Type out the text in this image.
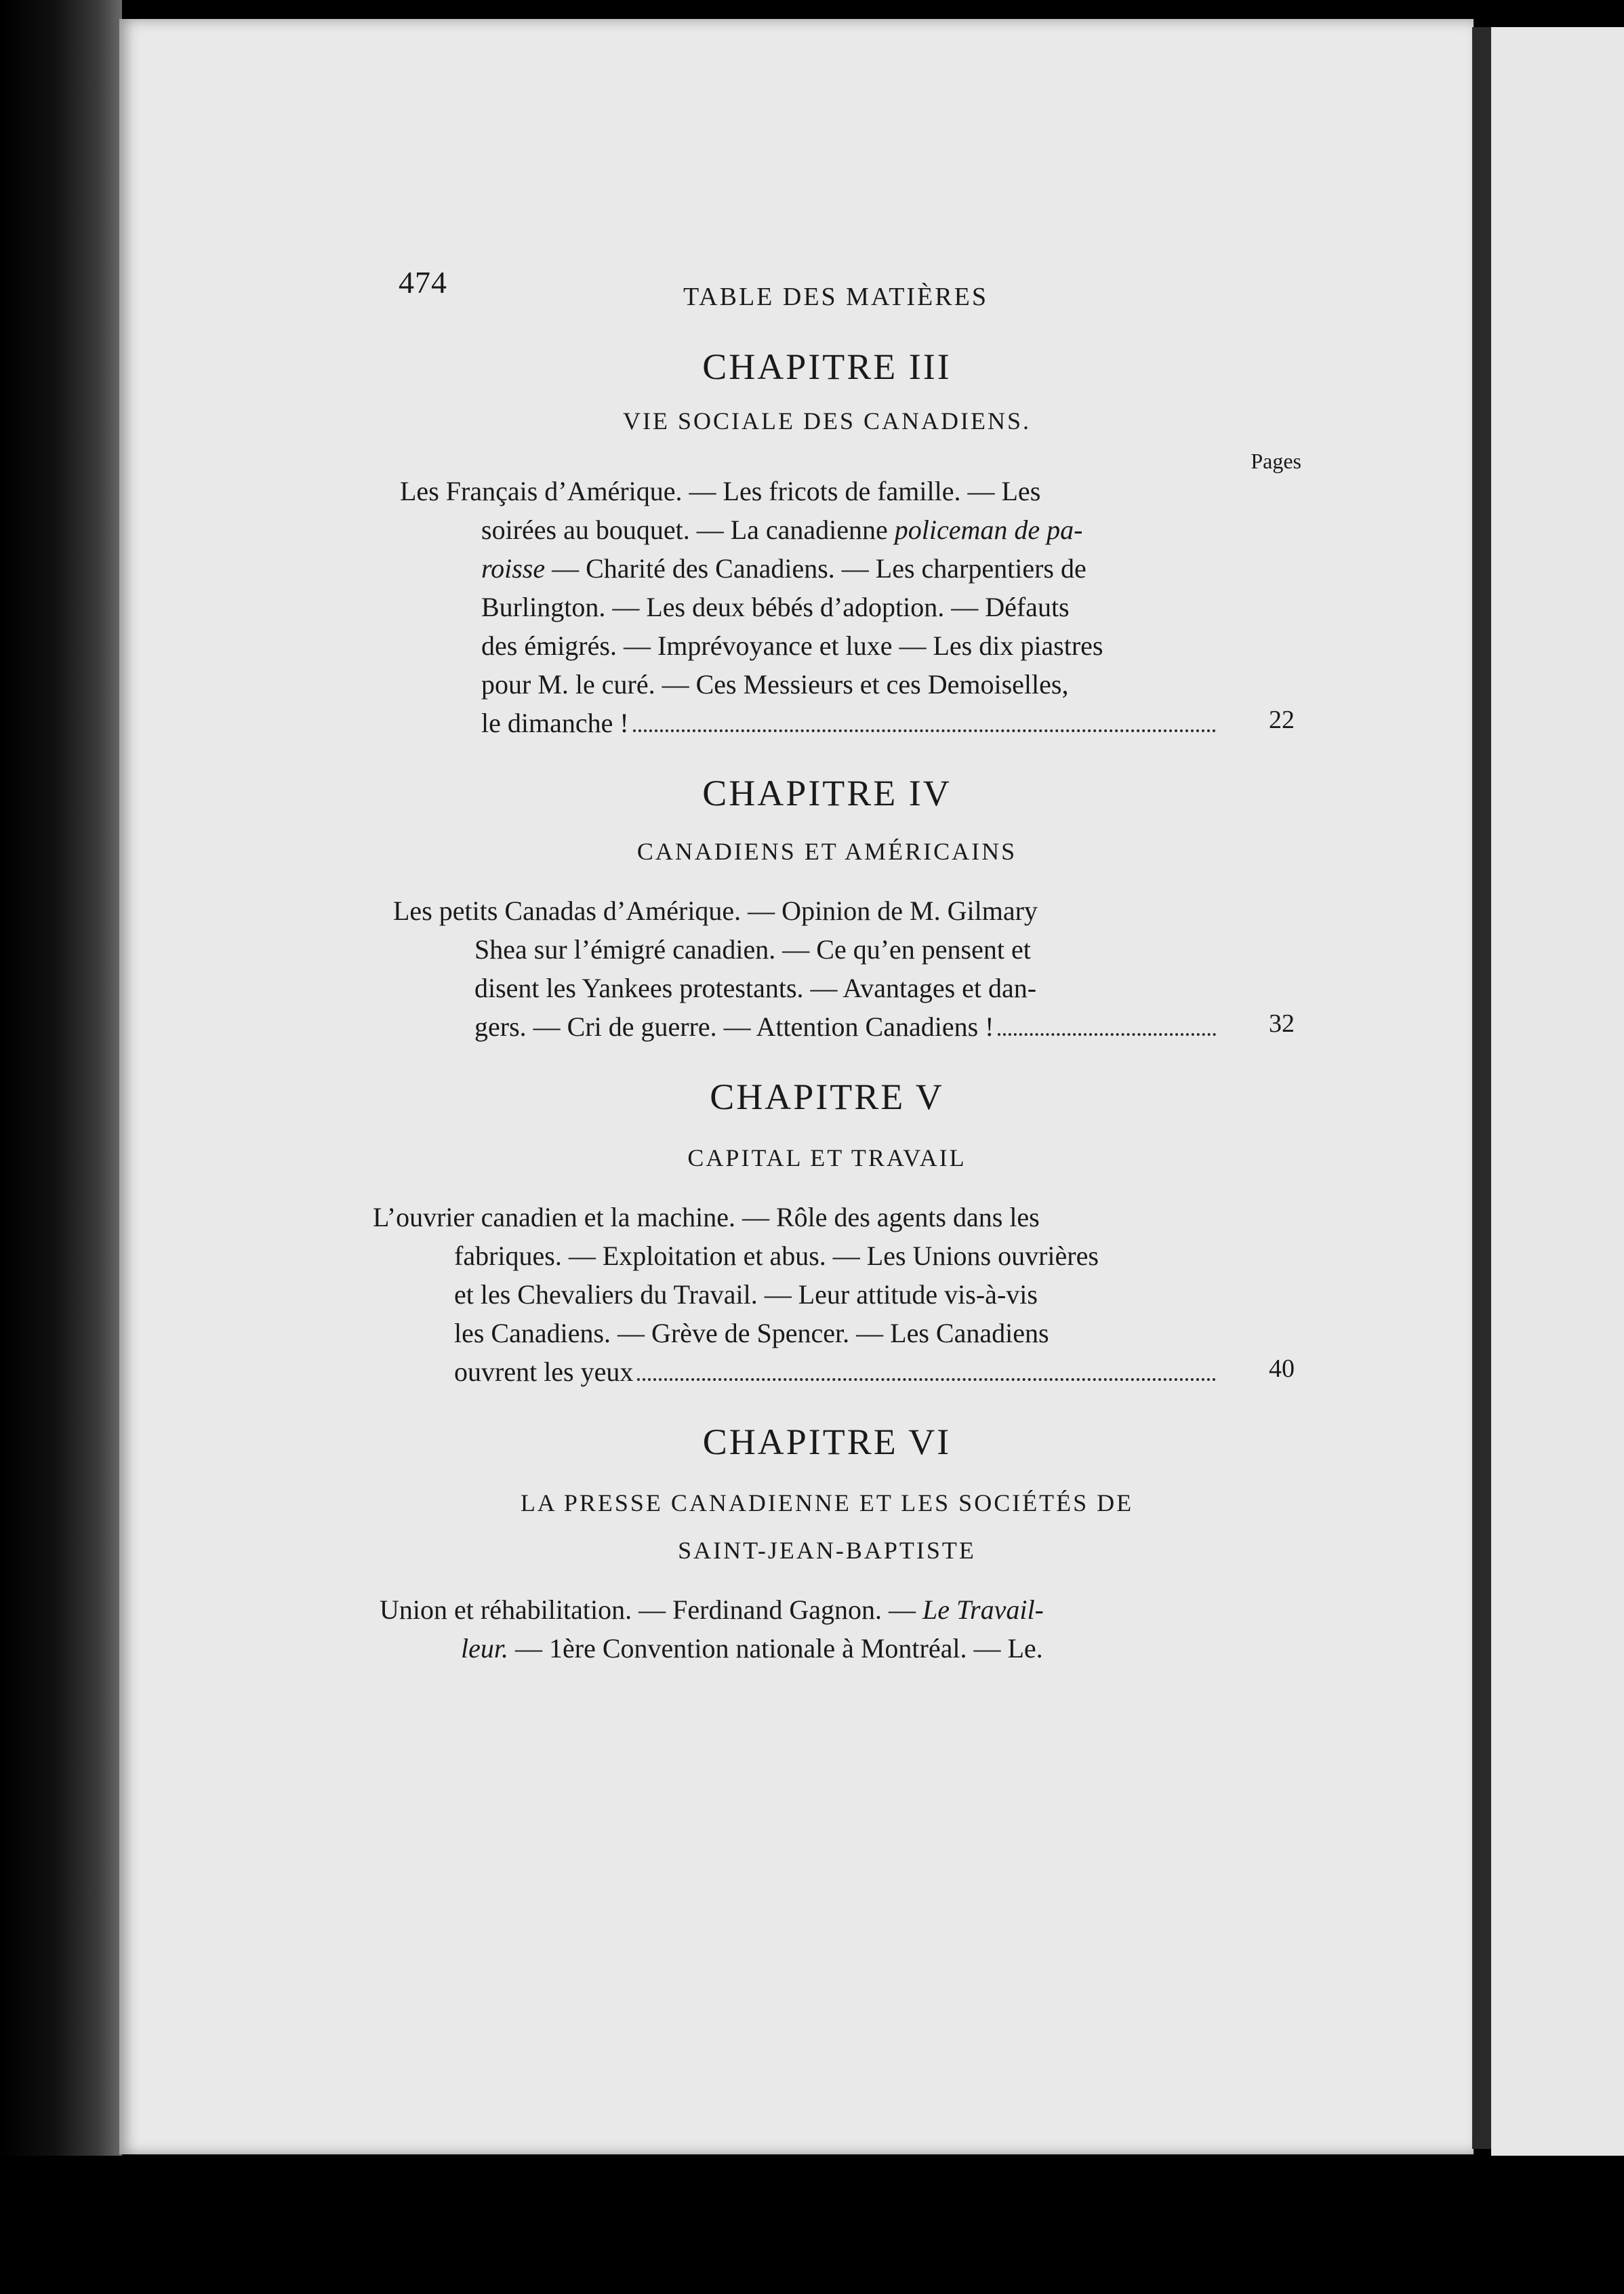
474	TABLE DES MATIÈRES
CHAPITRE III
VIE SOCIALE DES CANADIENS.
Pages
Les Français d’Amérique. — Les fricots de famille. — Les
soirées au bouquet. — La canadienne policeman de pa-
roisse — Charité des Canadiens. — Les charpentiers de
Burlington. — Les deux bébés d’adoption. — Défauts
des émigrés. — Imprévoyance et luxe — Les dix piastres
pour M. le curé. — Ces Messieurs et ces Demoiselles,
le dimanche !	22
CHAPITRE IV
CANADIENS ET AMÉRICAINS
Les petits Canadas d’Amérique. — Opinion de M. Gilmary
Shea sur l’émigré canadien. — Ce qu’en pensent et
disent les Yankees protestants. — Avantages et dan-
gers. — Cri de guerre. — Attention Canadiens !	32
CHAPITRE V
CAPITAL ET TRAVAIL
L’ouvrier canadien et la machine. — Rôle des agents dans les
fabriques. — Exploitation et abus. — Les Unions ouvrières
et les Chevaliers du Travail. — Leur attitude vis-à-vis
les Canadiens. — Grève de Spencer. — Les Canadiens
ouvrent les yeux	40
CHAPITRE VI
LA PRESSE CANADIENNE ET LES SOCIÉTÉS DE
SAINT-JEAN-BAPTISTE
Union et réhabilitation. — Ferdinand Gagnon. — Le Travail-
leur. — 1ère Convention nationale à Montréal. — Le.
